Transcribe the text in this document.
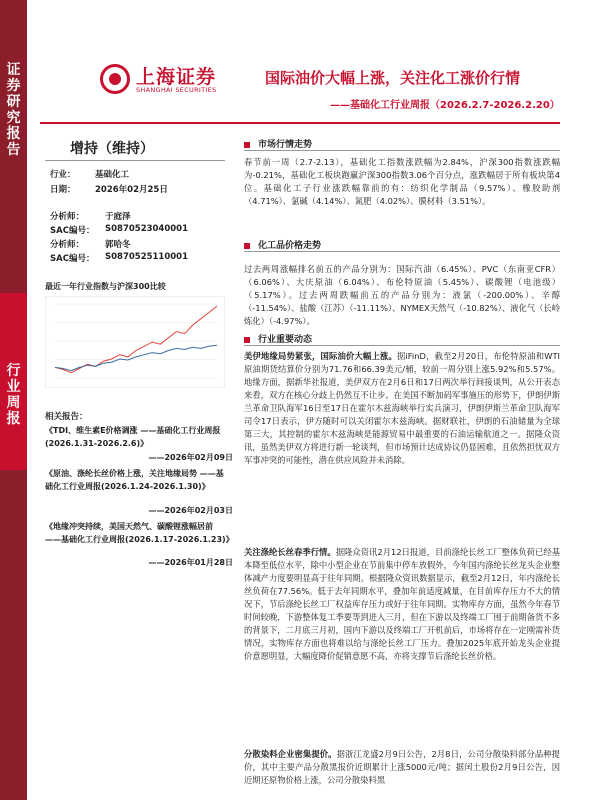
证券研究报告
行业周报
上海证券
SHANGHAI SECURITIES
国际油价大幅上涨，关注化工涨价行情
——基础化工行业周报（2026.2.7-2026.2.20）
增持（维持）
行业： 基础化工
日期： 2026年02月25日
分析师： 于庭泽
SAC编号： S0870523040001
分析师： 郭哈冬
SAC编号： S0870525110001
最近一年行业指数与沪深300比较
相关报告：
《TDI、维生素E价格调涨 ——基础化工行业周报(2026.1.31-2026.2.6)》
——2026年02月09日
《原油、涤纶长丝价格上涨，关注地缘局势 ——基础化工行业周报(2026.1.24-2026.1.30)》
——2026年02月03日
《地缘冲突持续，美国天然气、碳酸锂涨幅居前 ——基础化工行业周报(2026.1.17-2026.1.23)》
——2026年01月28日
市场行情走势
春节前一周（2.7-2.13），基础化工指数涨跌幅为2.84%，沪深300指数涨跌幅为-0.21%，基础化工板块跑赢沪深300指数3.06个百分点，涨跌幅居于所有板块第4位。基础化工子行业涨跌幅靠前的有：纺织化学制品（9.57%）、橡胶助剂（4.71%）、氯碱（4.14%）、氮肥（4.02%）、膜材料（3.51%）。
化工品价格走势
过去两周涨幅排名前五的产品分别为：国际汽油（6.45%）、PVC（东南亚CFR）（6.06%）、大庆原油（6.04%）、布伦特原油（5.45%）、碳酸锂（电池级）（5.17%）。过去两周跌幅前五的产品分别为：液氯（-200.00%）、辛醇（-11.54%）、盐酸（江苏）（-11.11%）、NYMEX天然气（-10.82%）、液化气（长岭炼化）（-4.97%）。
行业重要动态
美伊地缘局势紧张，国际油价大幅上涨。据iFinD，截至2月20日，布伦特原油和WTI原油期货结算价分别为71.76和66.39美元/桶，较前一周分别上涨5.92%和5.57%。地缘方面，据新华社报道，美伊双方在2月6日和17日两次举行间接谈判，从公开表态来看，双方在核心分歧上仍然互不让步。在美国不断加码军事施压的形势下，伊朗伊斯兰革命卫队海军16日至17日在霍尔木兹海峡举行实兵演习，伊朗伊斯兰革命卫队海军司令17日表示，伊方随时可以关闭霍尔木兹海峡。据财联社，伊朗的石油储量为全球第三大，其控制的霍尔木兹海峡是能源贸易中最重要的石油运输航道之一。据隆众资讯，虽然美伊双方将进行新一轮谈判，但市场预计达成协议仍显困难，且依然担忧双方军事冲突的可能性，潜在供应风险并未消除。
关注涤纶长丝春季行情。据隆众资讯2月12日报道，目前涤纶长丝工厂整体负荷已经基本降至低位水平，除中小型企业在节前集中停车放假外，今年国内涤纶长丝龙头企业整体减产力度要明显高于往年同期。根据隆众资讯数据显示，截至2月12日，年内涤纶长丝负荷在77.56%。低于去年同期水平，叠加年前适度减量，在目前库存压力不大的情况下，节后涤纶长丝工厂权益库存压力或好于往年同期。实物库存方面，虽然今年春节时间较晚，下游整体复工季要等到进入三月，但在下游以及终端工厂囤于前期备货不多的背景下，二月底三月初，国内下游以及终端工厂开机前后，市场将存在一定刚需补货情况，实物库存方面也将难以给与涤纶长丝工厂压力。叠加2025年底开始龙头企业提价意愿明显，大幅度降价促销意愿不高，亦将支撑节后涤纶长丝价格。
分散染料企业密集提价。据浙江龙盛2月9日公告，2月8日，公司分散染料部分品种提价，其中主要产品分散黑报价近期累计上涨5000元/吨；据闰土股份2月9日公告，因近期还原物价格上涨，公司分散染料黑
